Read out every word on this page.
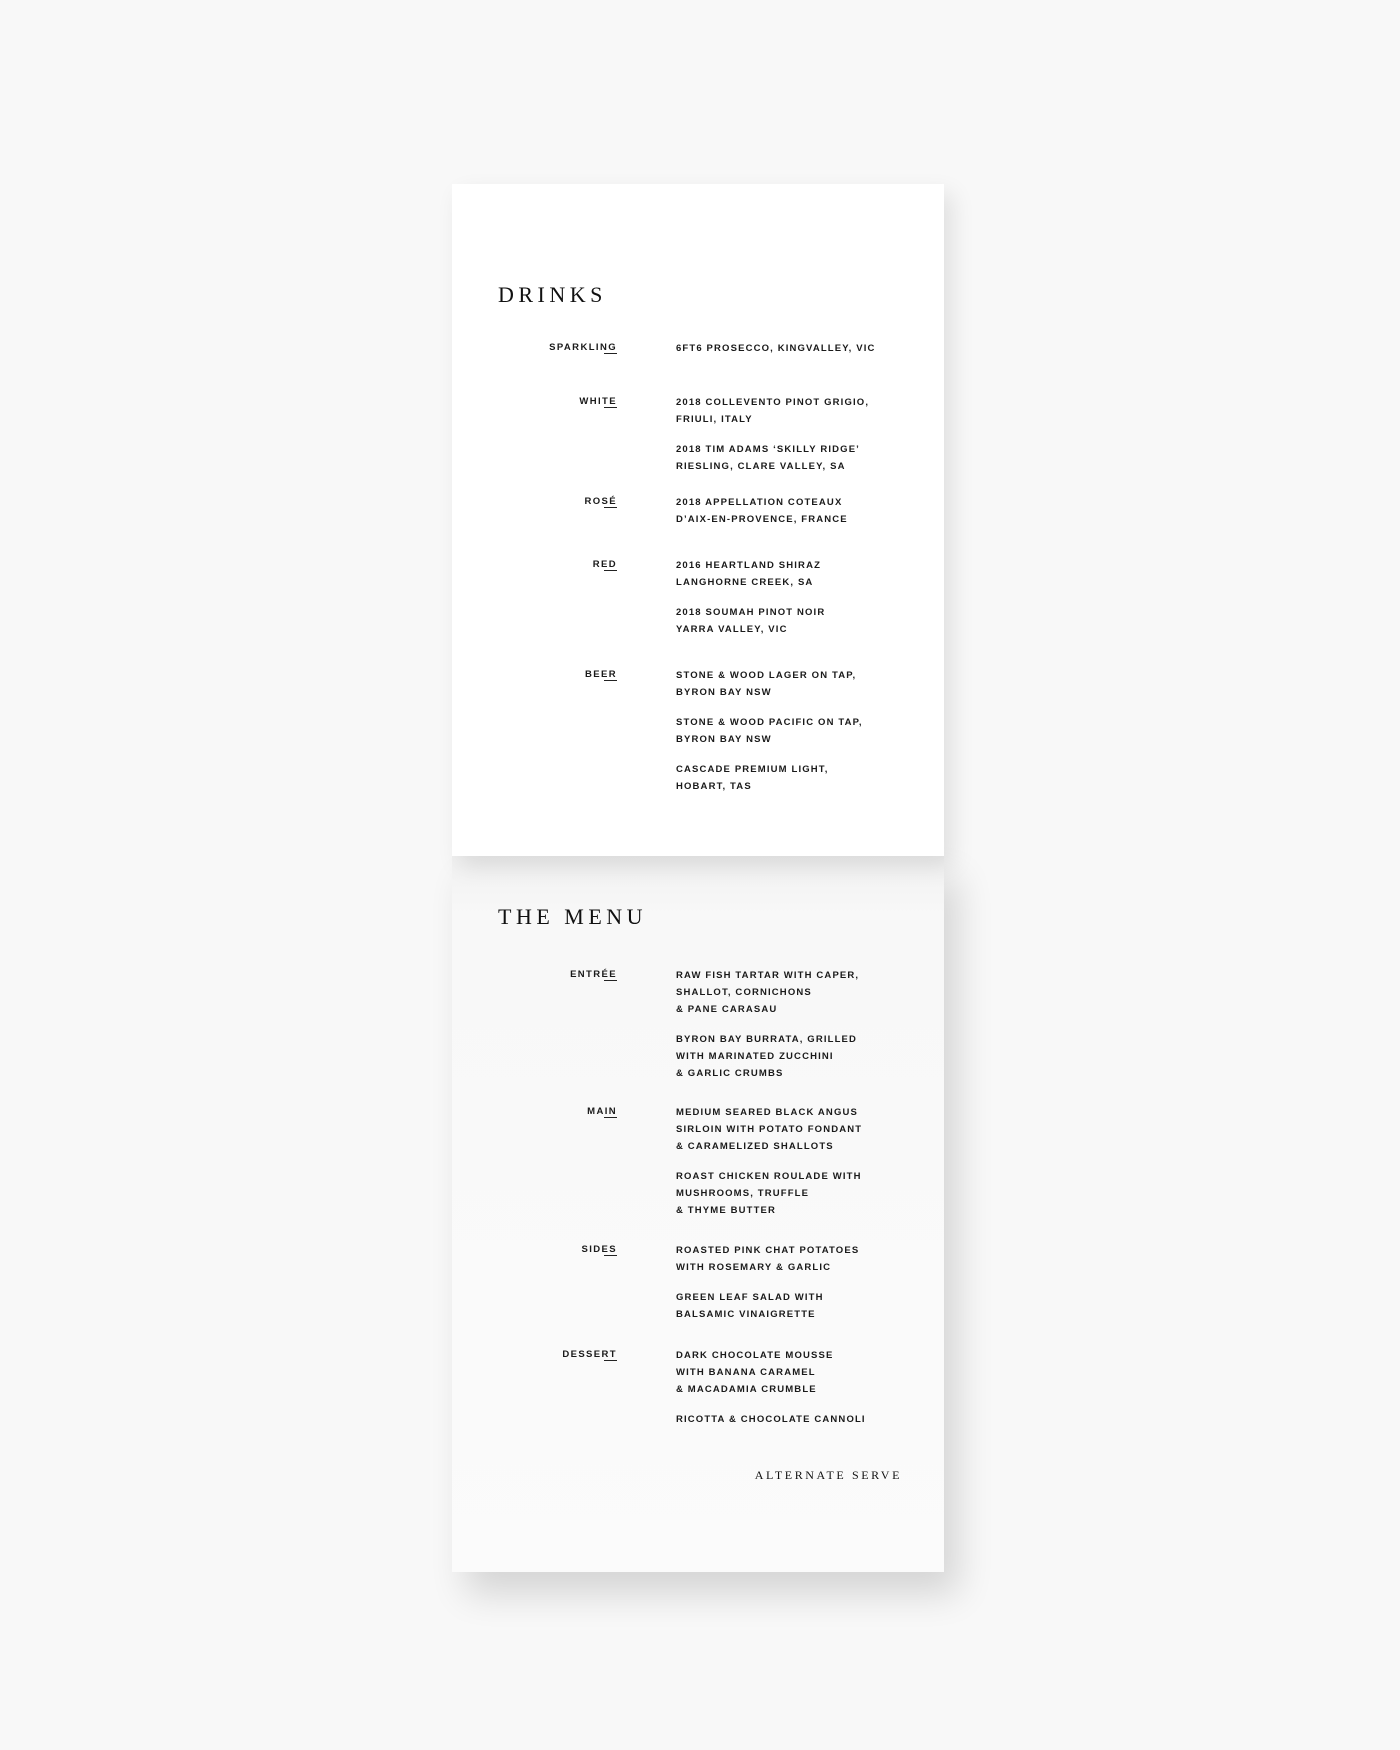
DRINKS
SPARKLING	6FT6 PROSECCO, KINGVALLEY, VIC
WHITE	2018 COLLEVENTO PINOT GRIGIO,
FRIULI, ITALY
2018 TIM ADAMS ‘SKILLY RIDGE’
RIESLING, CLARE VALLEY, SA
ROSÉ	2018 APPELLATION COTEAUX
D’AIX-EN-PROVENCE, FRANCE
RED	2016 HEARTLAND SHIRAZ
LANGHORNE CREEK, SA
2018 SOUMAH PINOT NOIR
YARRA VALLEY, VIC
BEER	STONE & WOOD LAGER ON TAP,
BYRON BAY NSW
STONE & WOOD PACIFIC ON TAP,
BYRON BAY NSW
CASCADE PREMIUM LIGHT,
HOBART, TAS
THE MENU
ENTRÉE	RAW FISH TARTAR WITH CAPER,
SHALLOT, CORNICHONS
& PANE CARASAU
BYRON BAY BURRATA, GRILLED
WITH MARINATED ZUCCHINI
& GARLIC CRUMBS
MAIN	MEDIUM SEARED BLACK ANGUS
SIRLOIN WITH POTATO FONDANT
& CARAMELIZED SHALLOTS
ROAST CHICKEN ROULADE WITH
MUSHROOMS, TRUFFLE
& THYME BUTTER
SIDES	ROASTED PINK CHAT POTATOES
WITH ROSEMARY & GARLIC
GREEN LEAF SALAD WITH
BALSAMIC VINAIGRETTE
DESSERT	DARK CHOCOLATE MOUSSE
WITH BANANA CARAMEL
& MACADAMIA CRUMBLE
RICOTTA & CHOCOLATE CANNOLI
ALTERNATE SERVE
